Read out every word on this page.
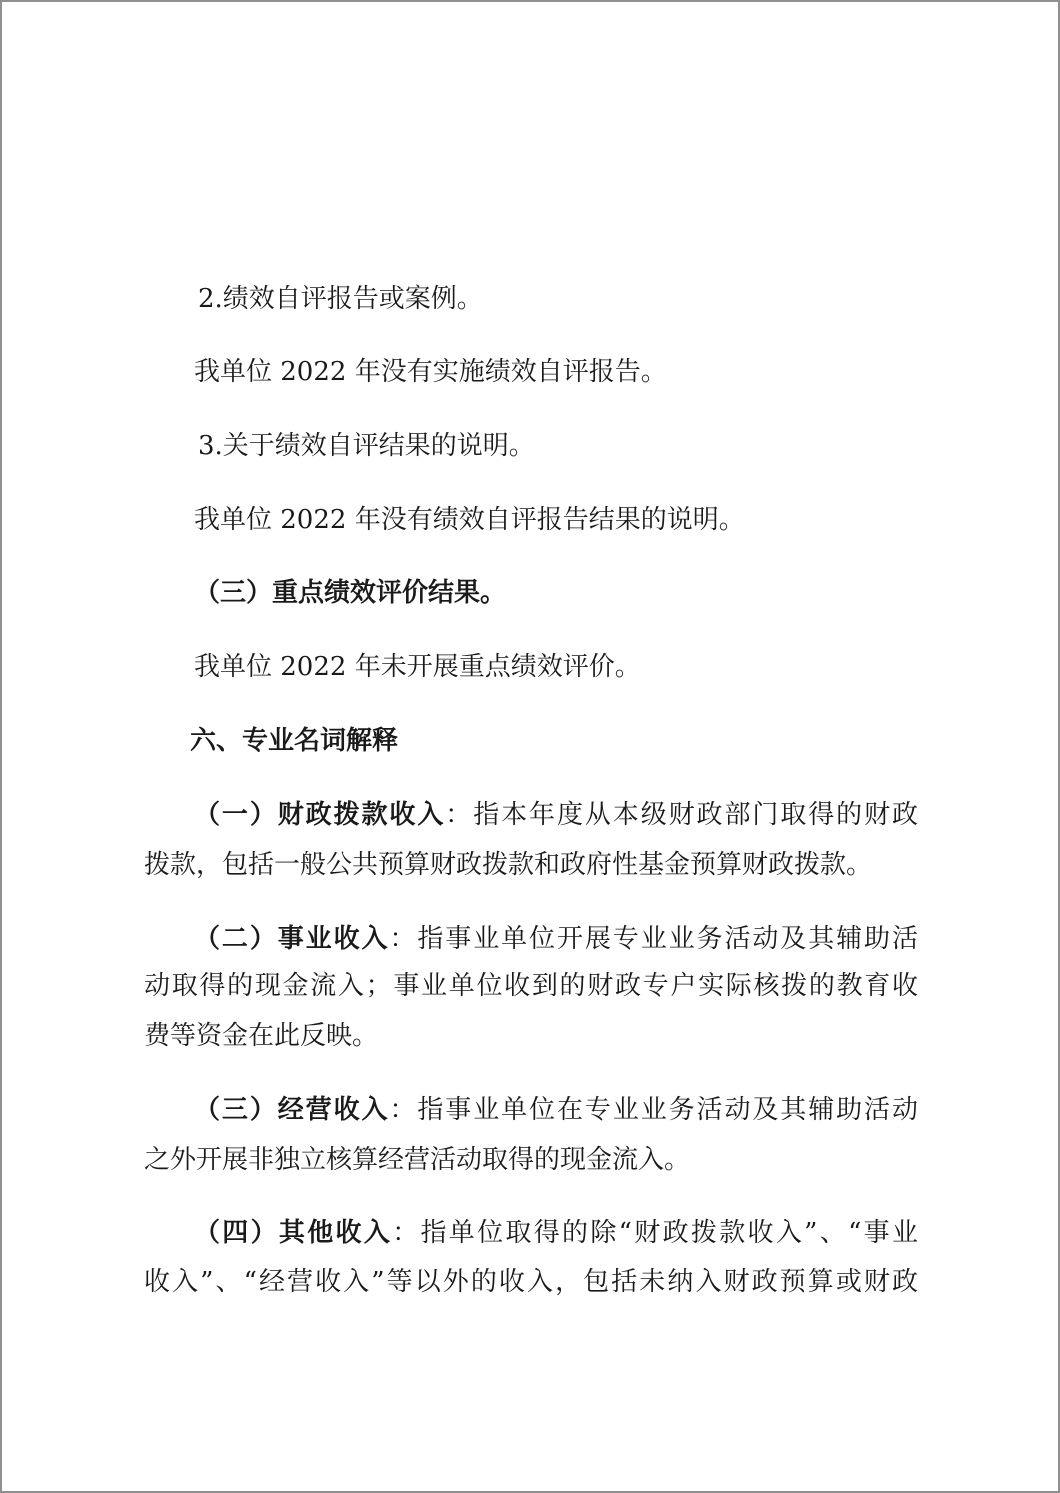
2.绩效自评报告或案例。
我单位 2022 年没有实施绩效自评报告。
3.关于绩效自评结果的说明。
我单位 2022 年没有绩效自评报告结果的说明。
（三）重点绩效评价结果。
我单位 2022 年未开展重点绩效评价。
六、专业名词解释
（一）财政拨款收入：指本年度从本级财政部门取得的财政
拨款，包括一般公共预算财政拨款和政府性基金预算财政拨款。
（二）事业收入：指事业单位开展专业业务活动及其辅助活
动取得的现金流入；事业单位收到的财政专户实际核拨的教育收
费等资金在此反映。
（三）经营收入：指事业单位在专业业务活动及其辅助活动
之外开展非独立核算经营活动取得的现金流入。
（四）其他收入：指单位取得的除“财政拨款收入”、“事业
收入”、“经营收入”等以外的收入，包括未纳入财政预算或财政
